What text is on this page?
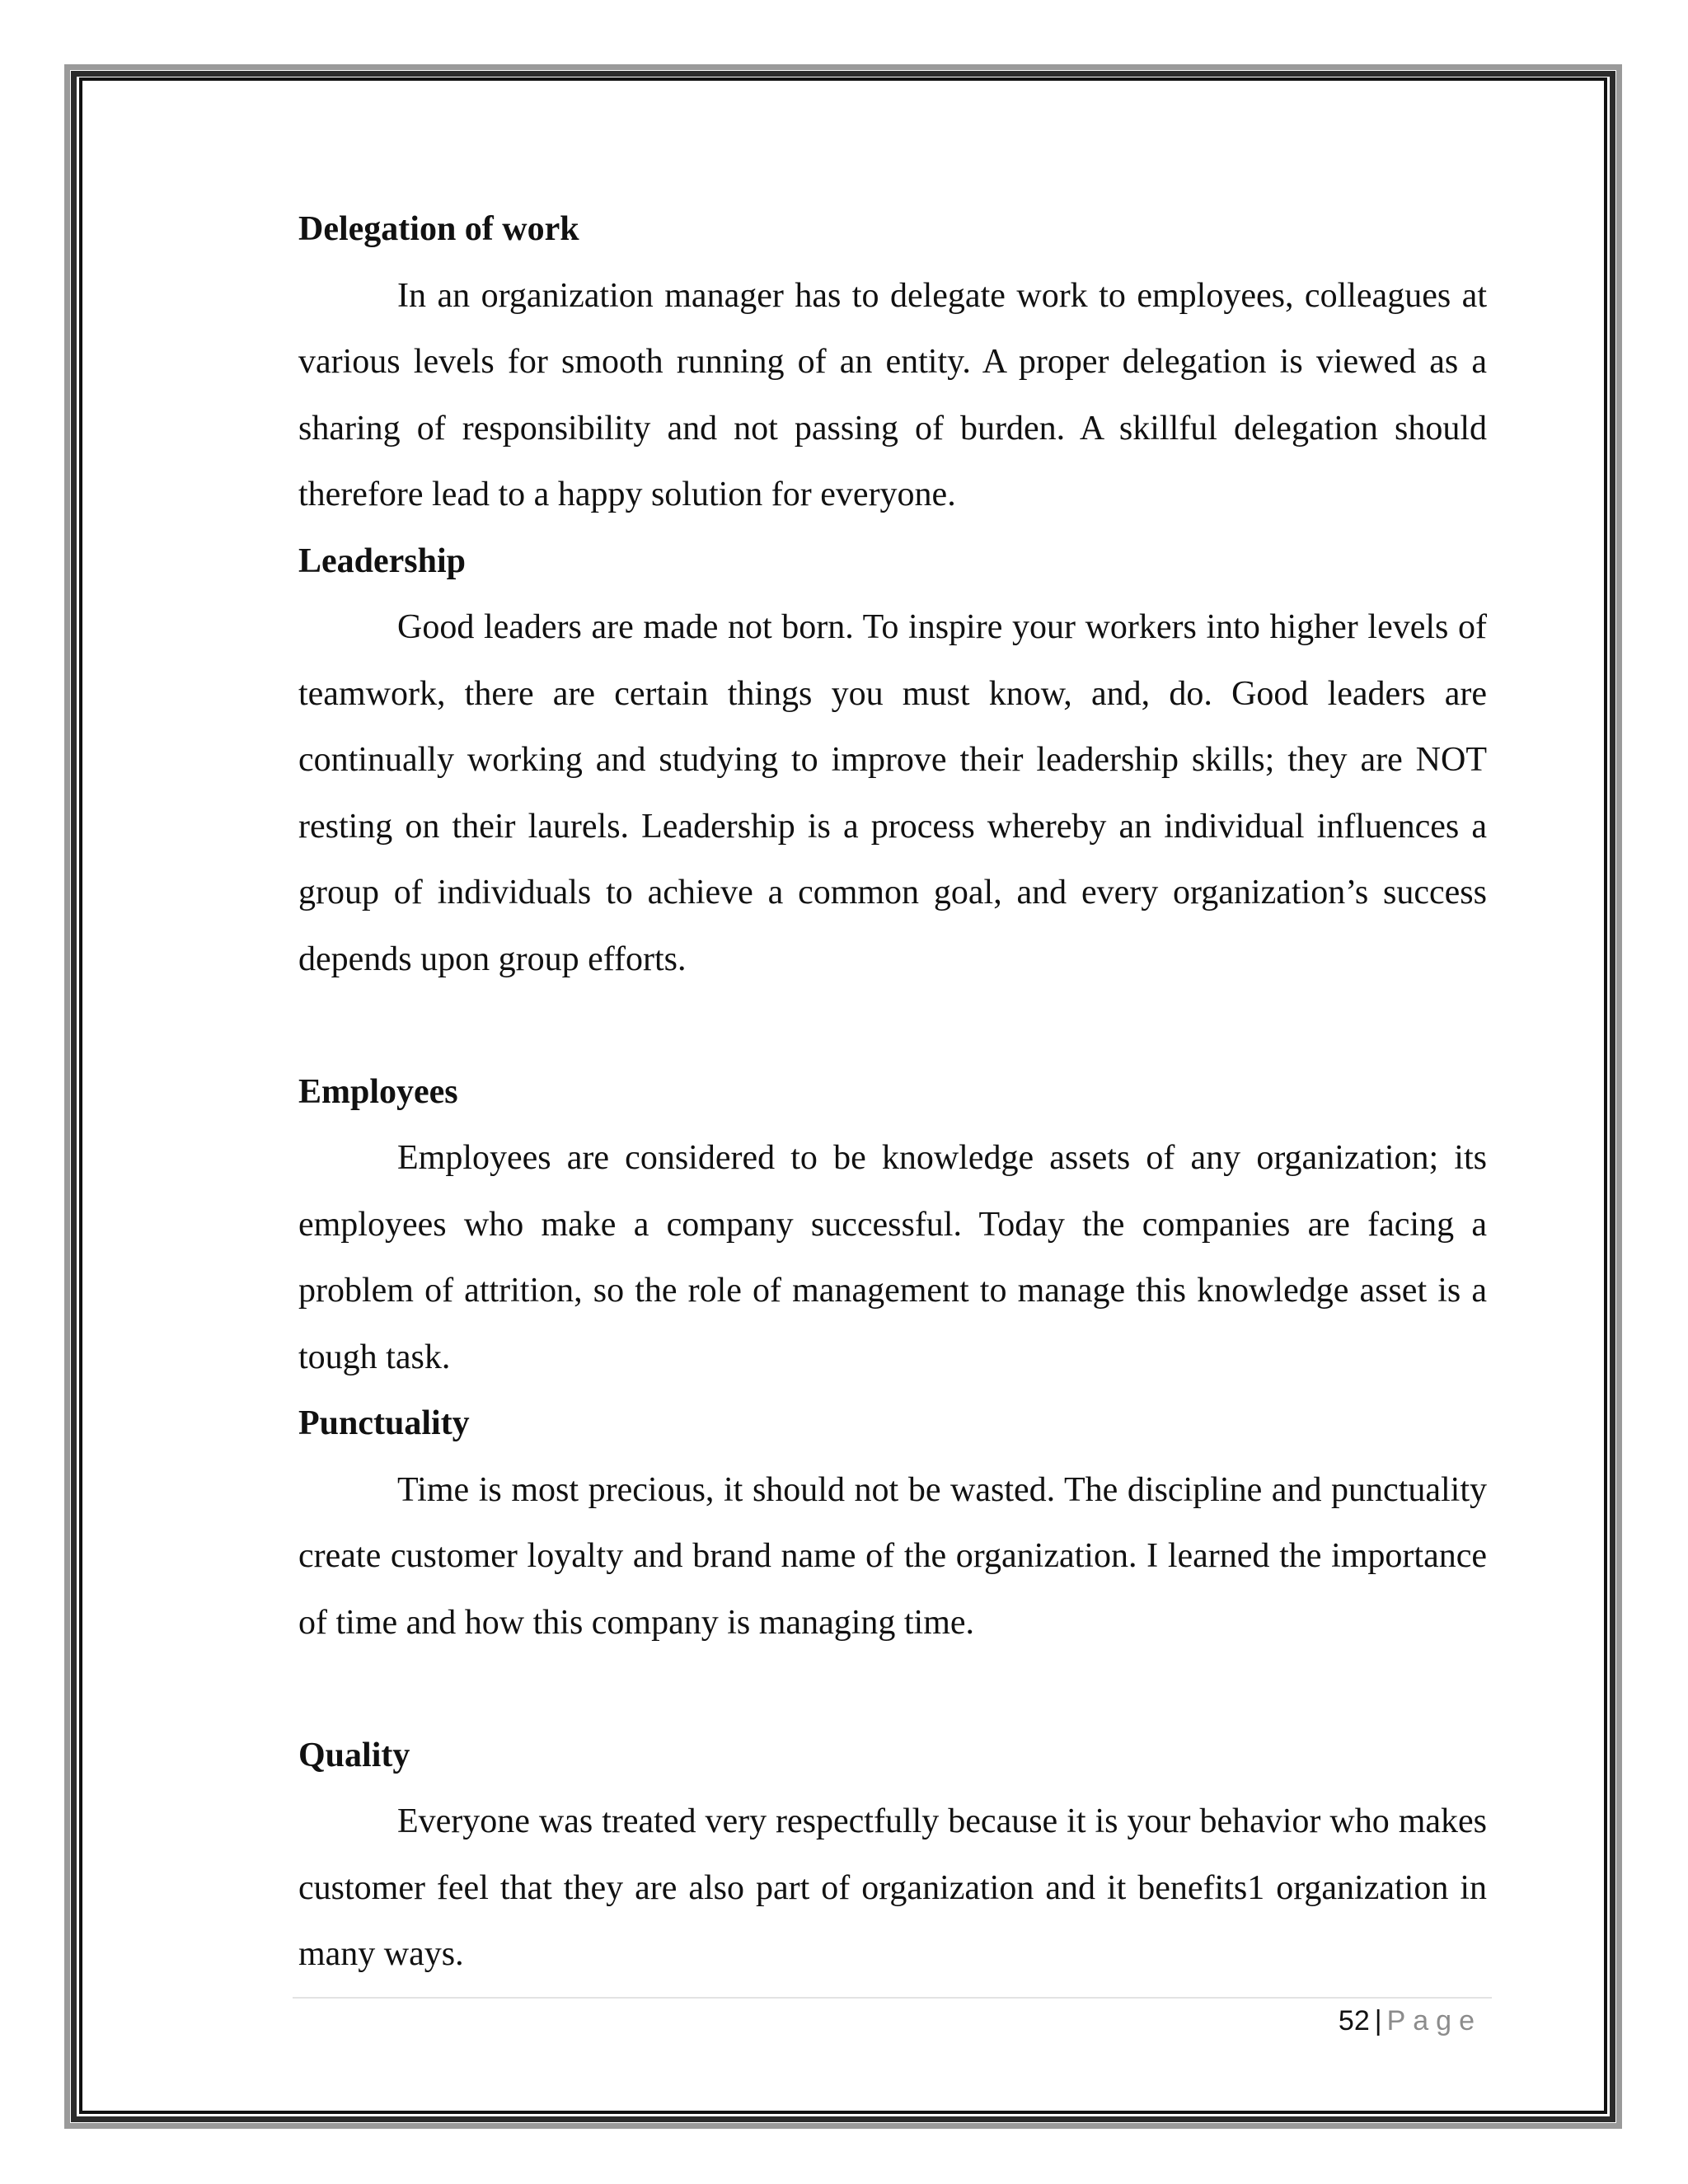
Delegation of work

In an organization manager has to delegate work to employees, colleagues at various levels for smooth running of an entity. A proper delegation is viewed as a sharing of responsibility and not passing of burden. A skillful delegation should therefore lead to a happy solution for everyone.

Leadership

Good leaders are made not born. To inspire your workers into higher levels of teamwork, there are certain things you must know, and, do. Good leaders are continually working and studying to improve their leadership skills; they are NOT resting on their laurels. Leadership is a process whereby an individual influences a group of individuals to achieve a common goal, and every organization’s success depends upon group efforts.

Employees

Employees are considered to be knowledge assets of any organization; its employees who make a company successful. Today the companies are facing a problem of attrition, so the role of management to manage this knowledge asset is a tough task.

Punctuality

Time is most precious, it should not be wasted. The discipline and punctuality create customer loyalty and brand name of the organization. I learned the importance of time and how this company is managing time.

Quality

Everyone was treated very respectfully because it is your behavior who makes customer feel that they are also part of organization and it benefits1 organization in many ways.

52 | Page
